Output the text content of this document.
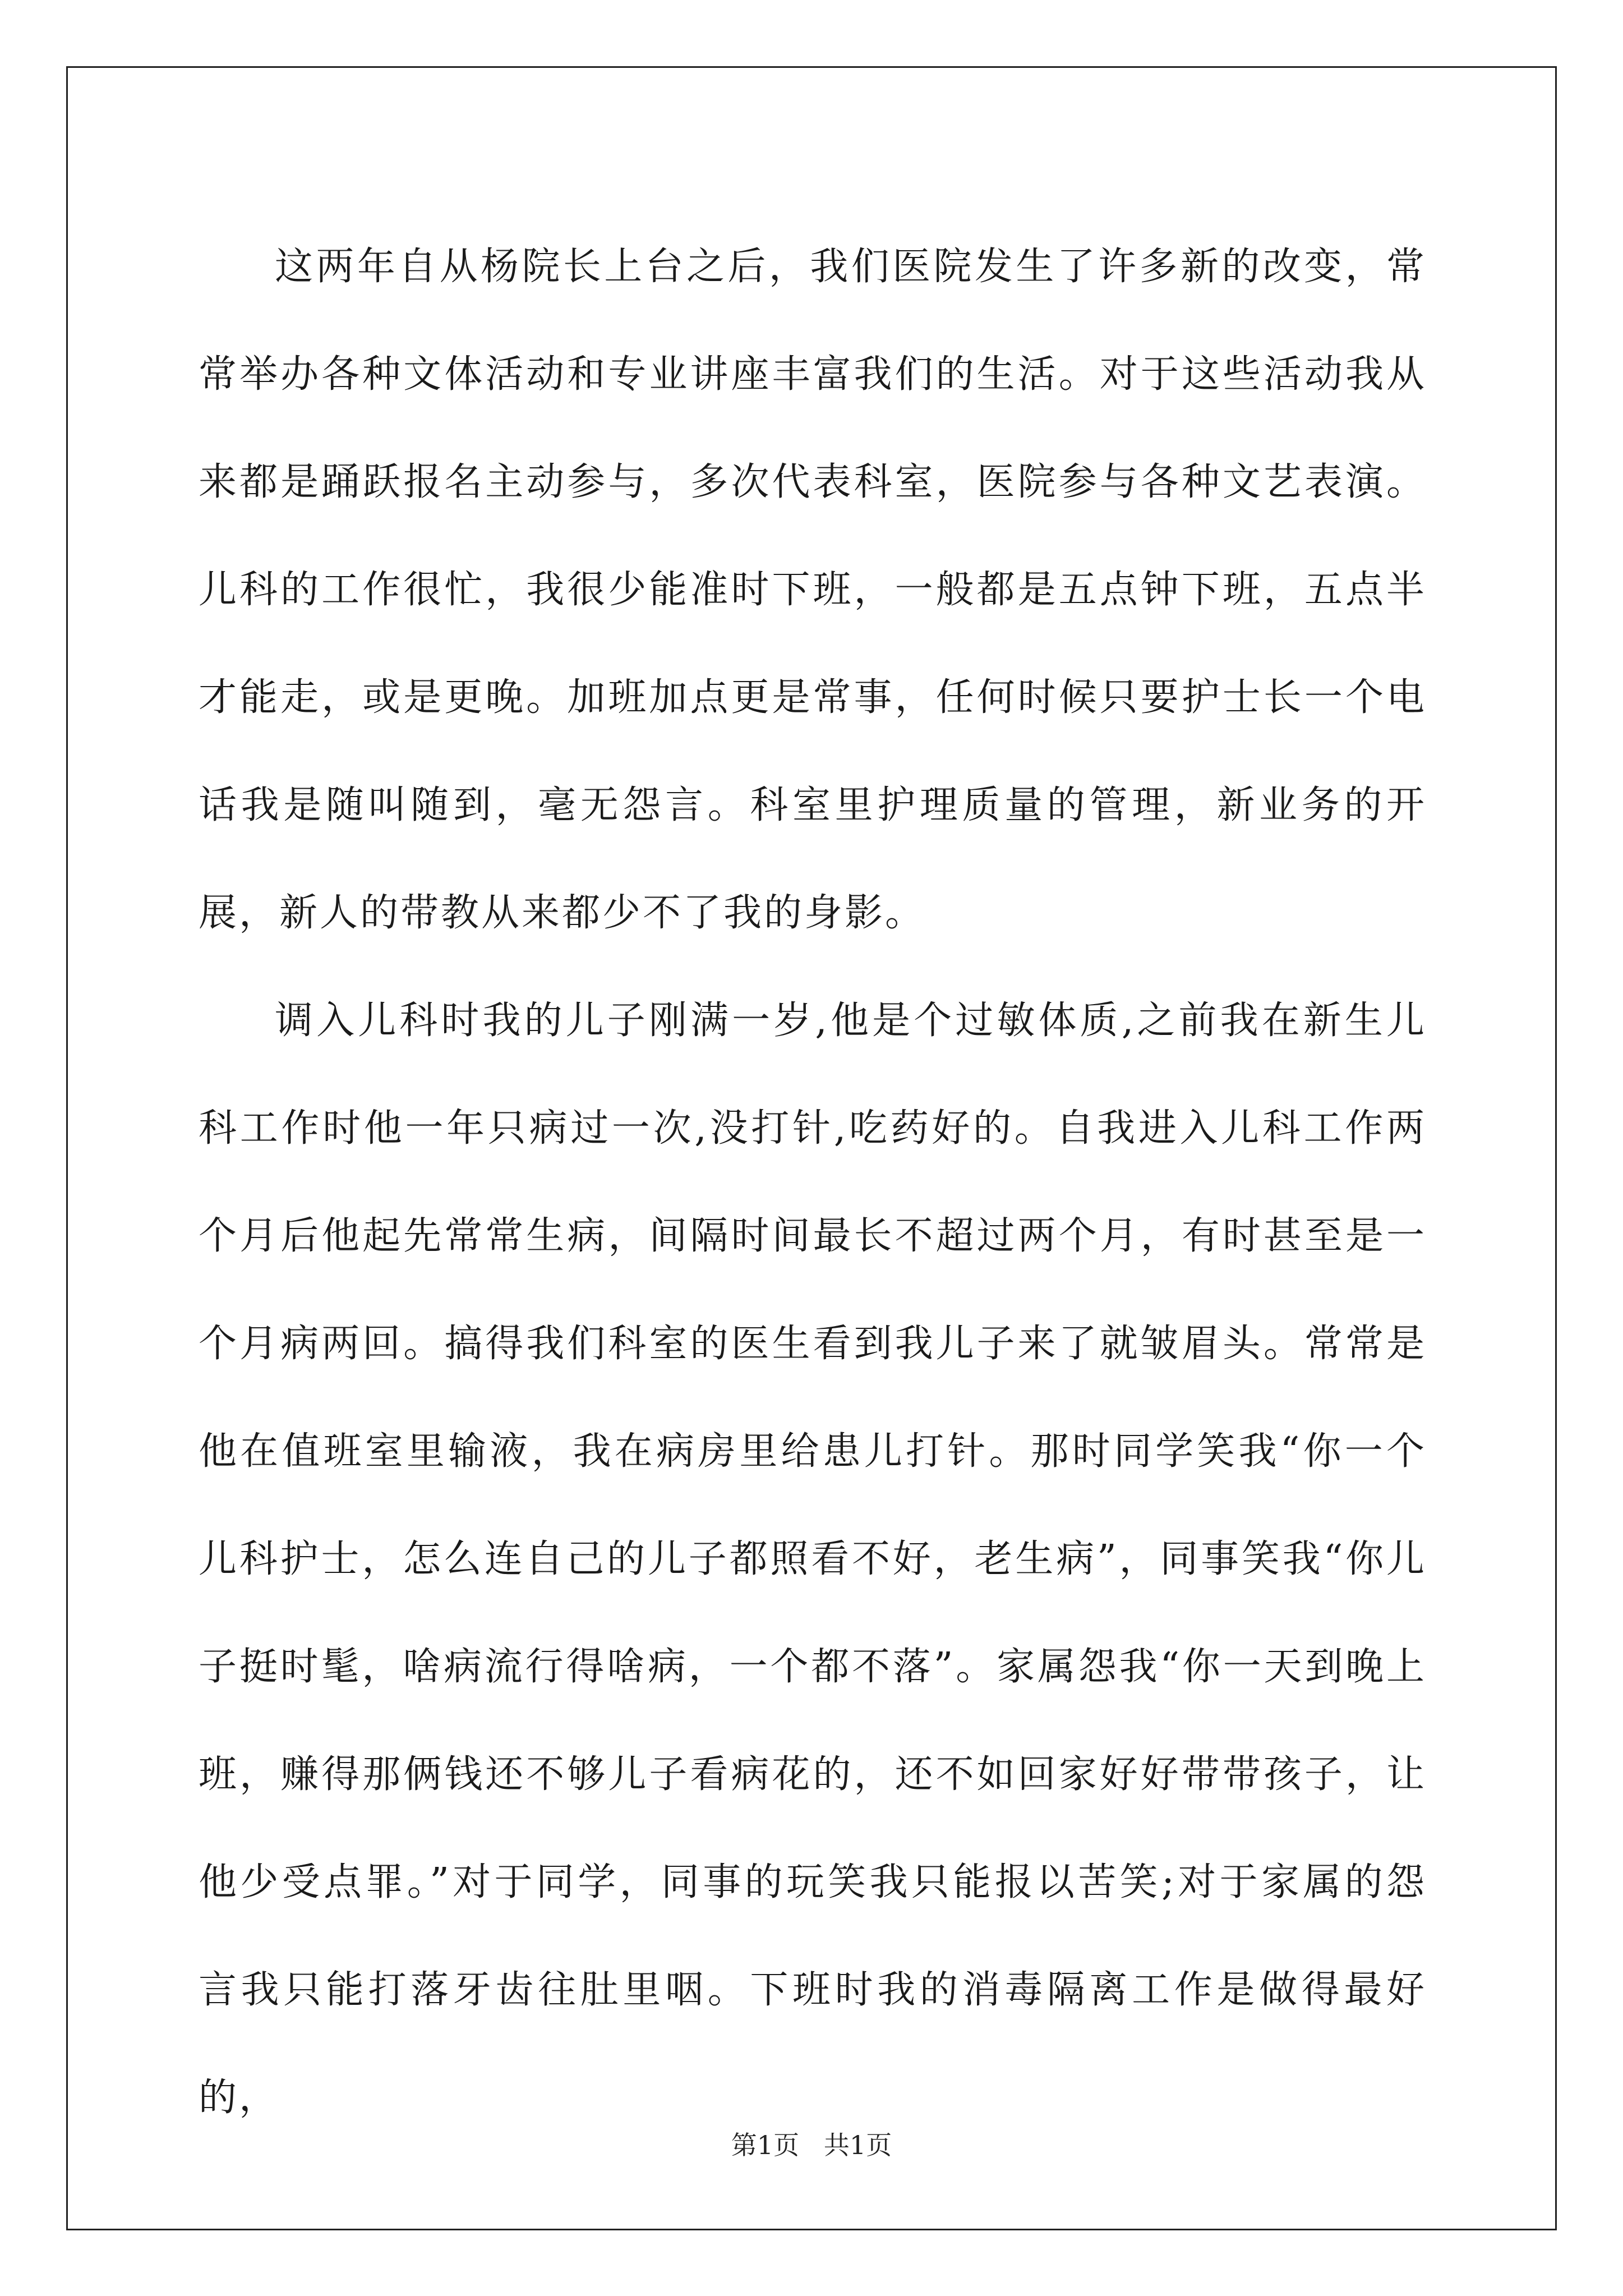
这两年自从杨院长上台之后，我们医院发生了许多新的改变，常常举办各种文体活动和专业讲座丰富我们的生活。对于这些活动我从来都是踊跃报名主动参与，多次代表科室，医院参与各种文艺表演。儿科的工作很忙，我很少能准时下班，一般都是五点钟下班，五点半才能走，或是更晚。加班加点更是常事，任何时候只要护士长一个电话我是随叫随到，毫无怨言。科室里护理质量的管理，新业务的开展，新人的带教从来都少不了我的身影。

调入儿科时我的儿子刚满一岁,他是个过敏体质,之前我在新生儿科工作时他一年只病过一次,没打针,吃药好的。自我进入儿科工作两个月后他起先常常生病，间隔时间最长不超过两个月，有时甚至是一个月病两回。搞得我们科室的医生看到我儿子来了就皱眉头。常常是他在值班室里输液，我在病房里给患儿打针。那时同学笑我“你一个儿科护士，怎么连自己的儿子都照看不好，老生病”，同事笑我“你儿子挺时髦，啥病流行得啥病，一个都不落”。家属怨我“你一天到晚上班，赚得那俩钱还不够儿子看病花的，还不如回家好好带带孩子，让他少受点罪。”对于同学，同事的玩笑我只能报以苦笑;对于家属的怨言我只能打落牙齿往肚里咽。下班时我的消毒隔离工作是做得最好的，

第1页   共1页
